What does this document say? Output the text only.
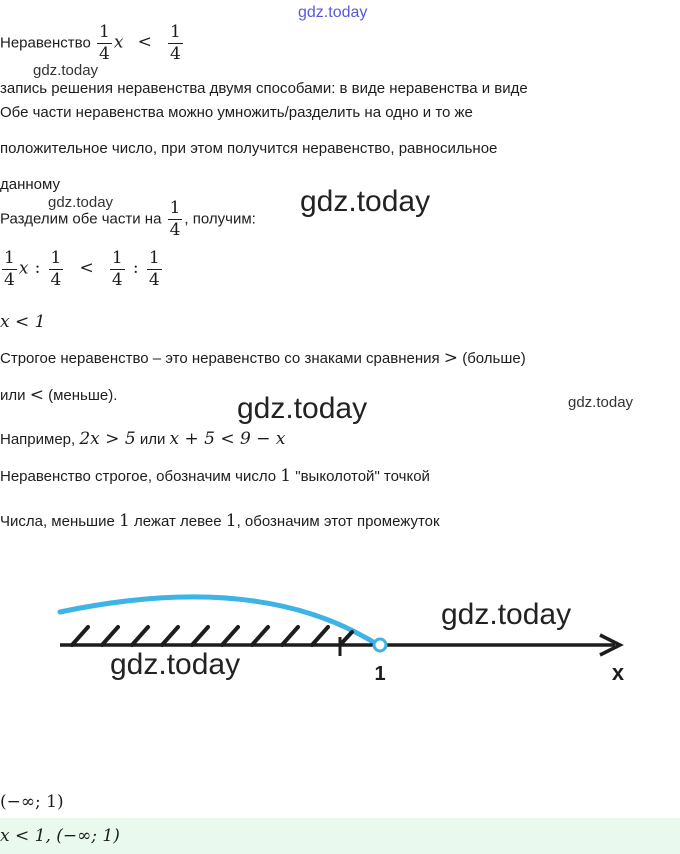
gdz.today
Неравенство $\frac{1}{4}$ $x < \frac{1}{4}$
gdz.today
запись решения неравенства двумя способами: в виде неравенства и виде
Обе части неравенства можно умножить/разделить на одно и то же
положительное число, при этом получится неравенство, равносильное
данному
gdz.today	gdz.today
Разделим обе части на $\frac{1}{4}$ , получим:
$\frac{1}{4}$ x : $\frac{1}{4} < \frac{1}{4}$ : $\frac{1}{4}$
x < 1
Строгое неравенство – это неравенство со знаками сравнения > (больше)
или < (меньше).	gdz.today	gdz.today
Например, 2x > 5 или x + 5 < 9 − x
Неравенство строгое, обозначим число 1 "выколотой" точкой
Числа, меньшие 1 лежат левее 1, обозначим этот промежуток
1	x
gdz.today
gdz.today
(−∞; 1)
x < 1, (−∞; 1)
